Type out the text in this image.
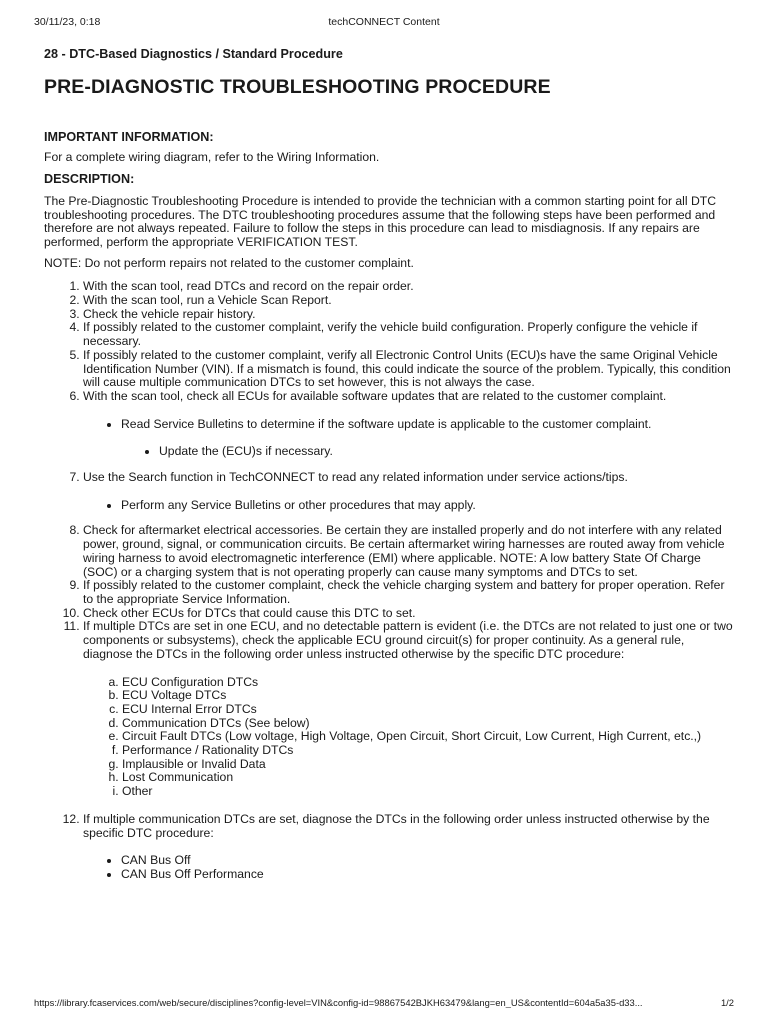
30/11/23, 0:18	techCONNECT Content

28 - DTC-Based Diagnostics / Standard Procedure

PRE-DIAGNOSTIC TROUBLESHOOTING PROCEDURE
IMPORTANT INFORMATION:

For a complete wiring diagram, refer to the Wiring Information.

DESCRIPTION:

The Pre-Diagnostic Troubleshooting Procedure is intended to provide the technician with a common starting point for all DTC troubleshooting procedures. The DTC troubleshooting procedures assume that the following steps have been performed and therefore are not always repeated. Failure to follow the steps in this procedure can lead to misdiagnosis. If any repairs are performed, perform the appropriate VERIFICATION TEST.

NOTE: Do not perform repairs not related to the customer complaint.

1. With the scan tool, read DTCs and record on the repair order.
2. With the scan tool, run a Vehicle Scan Report.
3. Check the vehicle repair history.
4. If possibly related to the customer complaint, verify the vehicle build configuration. Properly configure the vehicle if necessary.
5. If possibly related to the customer complaint, verify all Electronic Control Units (ECU)s have the same Original Vehicle Identification Number (VIN). If a mismatch is found, this could indicate the source of the problem. Typically, this condition will cause multiple communication DTCs to set however, this is not always the case.
6. With the scan tool, check all ECUs for available software updates that are related to the customer complaint.
• Read Service Bulletins to determine if the software update is applicable to the customer complaint.
• Update the (ECU)s if necessary.
7. Use the Search function in TechCONNECT to read any related information under service actions/tips.
• Perform any Service Bulletins or other procedures that may apply.
8. Check for aftermarket electrical accessories. Be certain they are installed properly and do not interfere with any related power, ground, signal, or communication circuits. Be certain aftermarket wiring harnesses are routed away from vehicle wiring harness to avoid electromagnetic interference (EMI) where applicable. NOTE: A low battery State Of Charge (SOC) or a charging system that is not operating properly can cause many symptoms and DTCs to set.
9. If possibly related to the customer complaint, check the vehicle charging system and battery for proper operation. Refer to the appropriate Service Information.
10. Check other ECUs for DTCs that could cause this DTC to set.
11. If multiple DTCs are set in one ECU, and no detectable pattern is evident (i.e. the DTCs are not related to just one or two components or subsystems), check the applicable ECU ground circuit(s) for proper continuity. As a general rule, diagnose the DTCs in the following order unless instructed otherwise by the specific DTC procedure:
a. ECU Configuration DTCs
b. ECU Voltage DTCs
c. ECU Internal Error DTCs
d. Communication DTCs (See below)
e. Circuit Fault DTCs (Low voltage, High Voltage, Open Circuit, Short Circuit, Low Current, High Current, etc.,)
f. Performance / Rationality DTCs
g. Implausible or Invalid Data
h. Lost Communication
i. Other
12. If multiple communication DTCs are set, diagnose the DTCs in the following order unless instructed otherwise by the specific DTC procedure:
• CAN Bus Off
• CAN Bus Off Performance
https://library.fcaservices.com/web/secure/disciplines?config-level=VIN&config-id=98867542BJKH63479&lang=en_US&contentId=604a5a35-d33...	1/2
